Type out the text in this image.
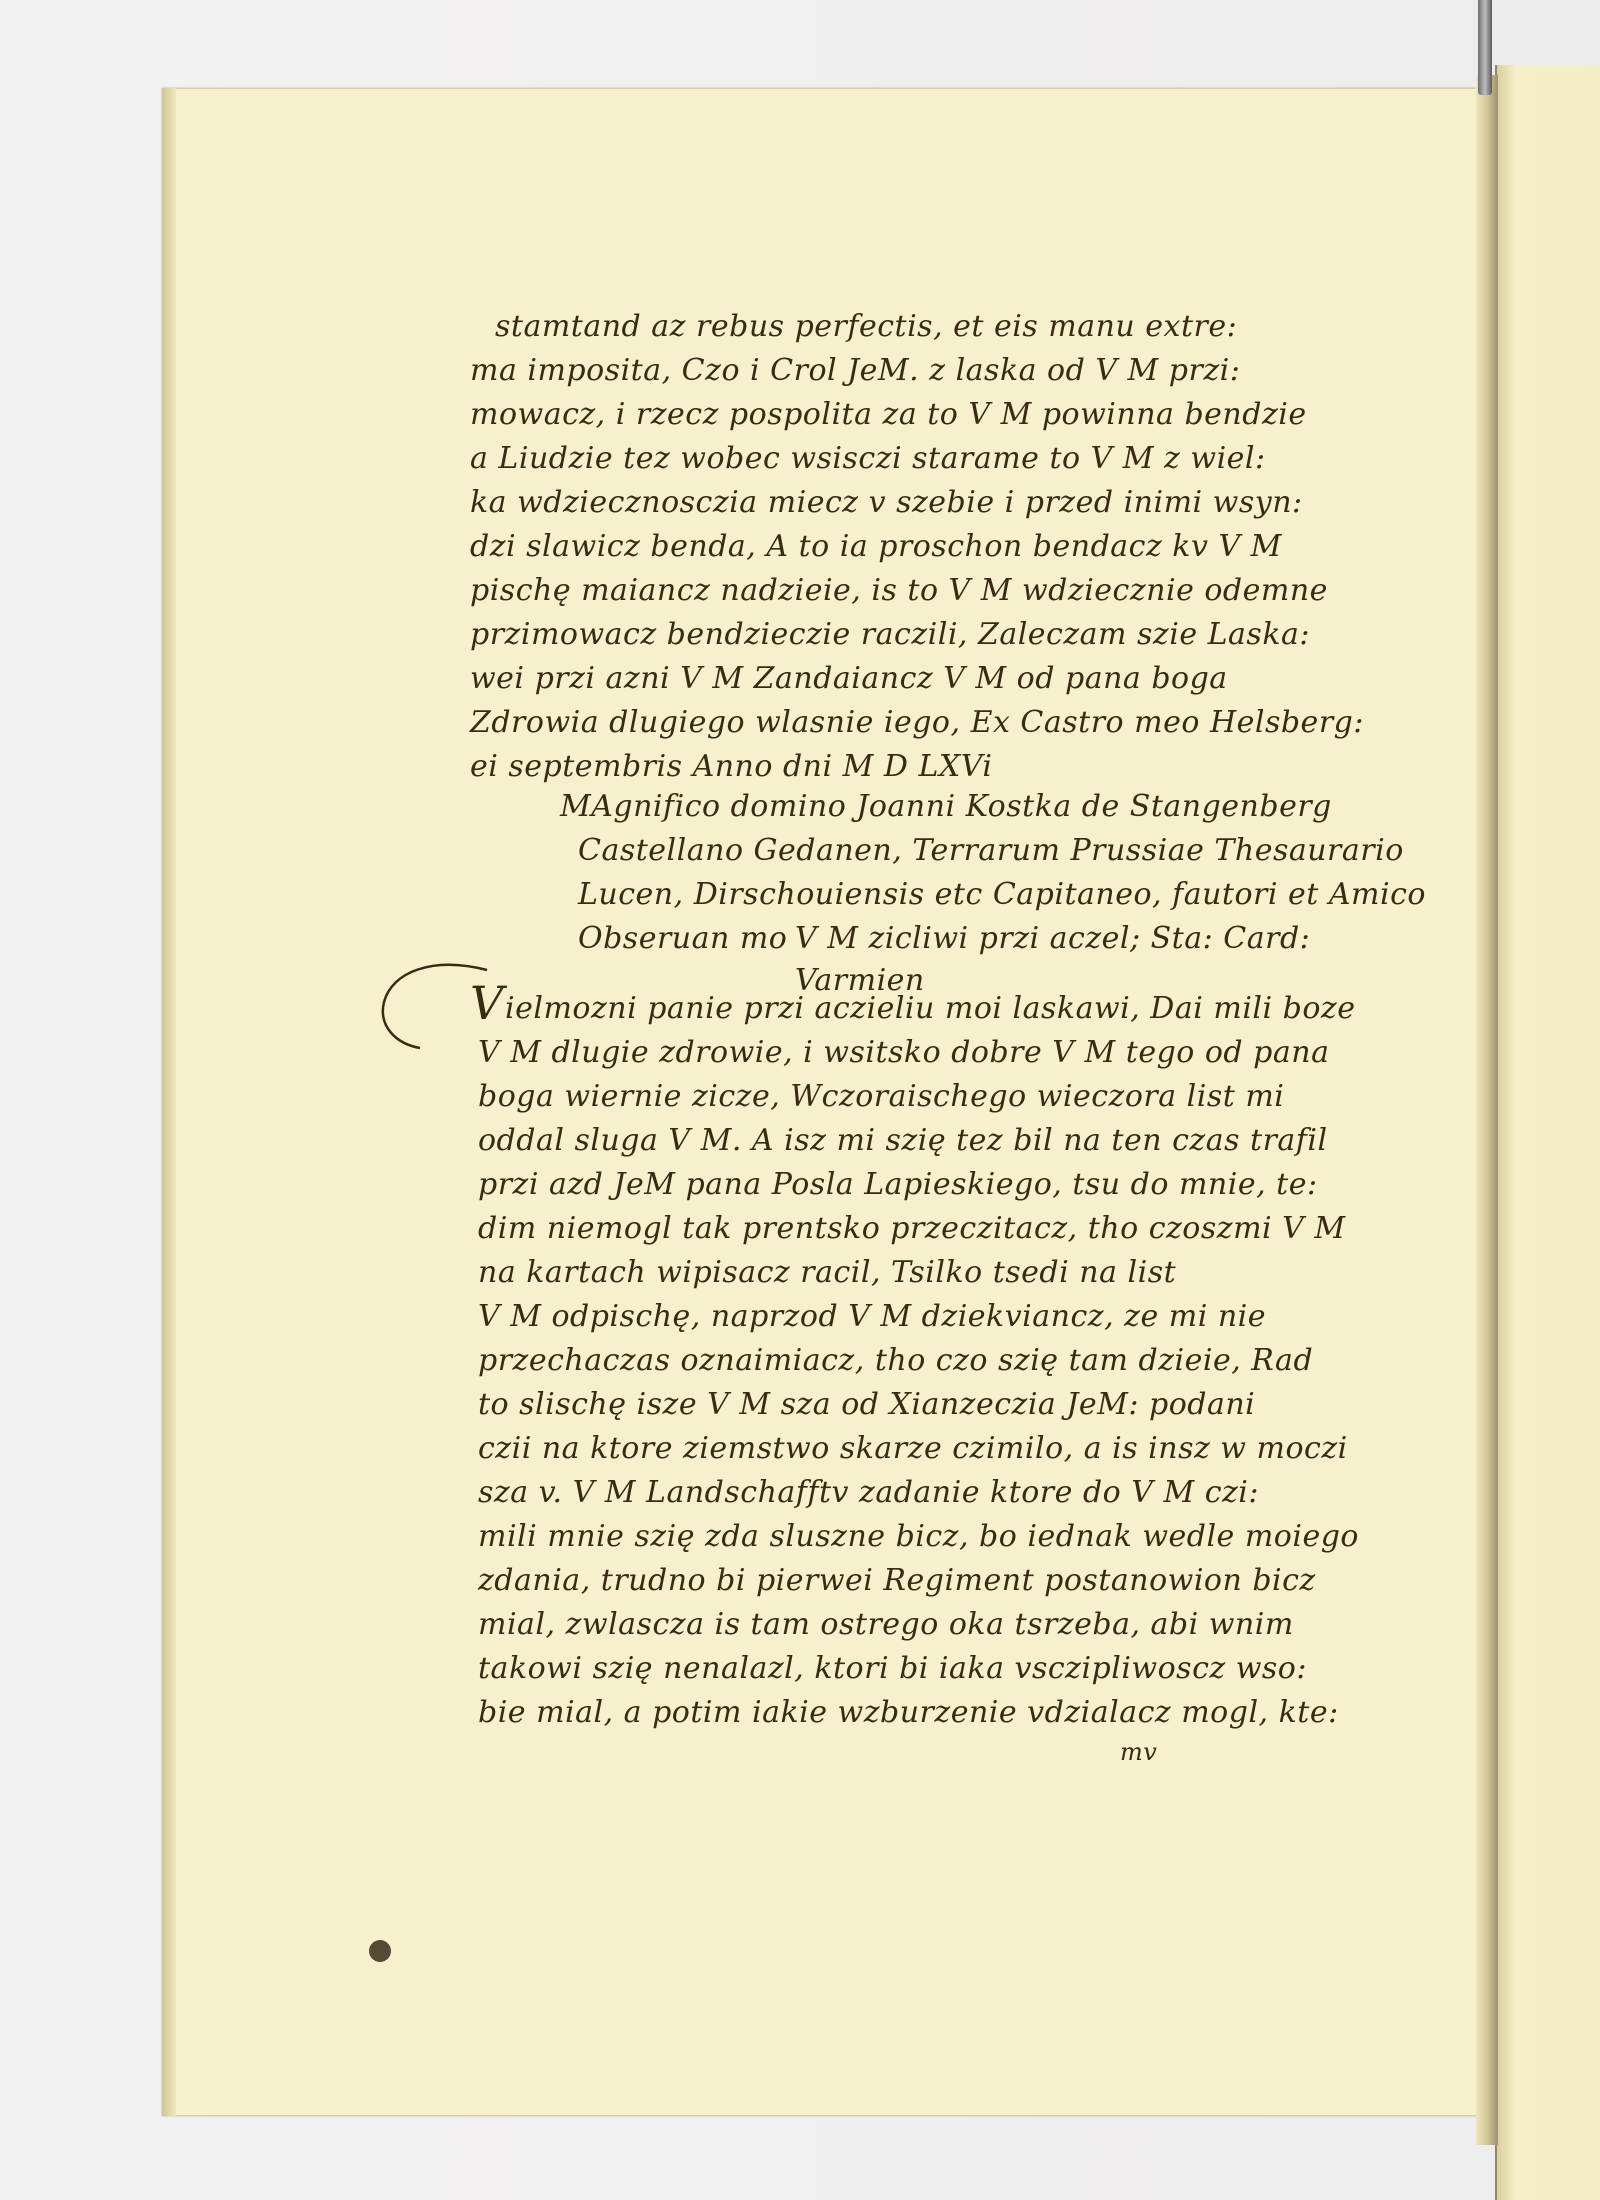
stamtand az rebus perfectis, et eis manu extre:
ma imposita, Czo i Crol JeM. z laska od V M przi:
mowacz, i rzecz pospolita za to V M powinna bendzie
a Liudzie tez wobec wsisczi starame to V M z wiel:
ka wdziecznosczia miecz v szebie i przed inimi wsyn:
dzi slawicz benda, A to ia proschon bendacz kv V M
pischę maiancz nadzieie, is to V M wdziecznie odemne
przimowacz bendzieczie raczili, Zaleczam szie Laska:
wei przi azni V M Zandaiancz V M od pana boga
Zdrowia dlugiego wlasnie iego, Ex Castro meo Helsberg:
ei septembris Anno dni M D LXVi
MAgnifico domino Joanni Kostka de Stangenberg
Castellano Gedanen, Terrarum Prussiae Thesaurario
Lucen, Dirschouiensis etc Capitaneo, fautori et Amico
Obseruan mo V M zicliwi przi aczel; Sta: Card:
Varmien
V ielmozni panie przi aczieliu moi laskawi, Dai mili boze
V M dlugie zdrowie, i wsitsko dobre V M tego od pana
boga wiernie zicze, Wczoraischego wieczora list mi
oddal sluga V M. A isz mi szię tez bil na ten czas trafil
przi azd JeM pana Posla Lapieskiego, tsu do mnie, te:
dim niemogl tak prentsko przeczitacz, tho czoszmi V M
na kartach wipisacz racil, Tsilko tsedi na list
V M odpischę, naprzod V M dziekviancz, ze mi nie
przechaczas oznaimiacz, tho czo szię tam dzieie, Rad
to slischę isze V M sza od Xianzeczia JeM: podani
czii na ktore ziemstwo skarze czimilo, a is insz w moczi
sza v. V M Landschafftv zadanie ktore do V M czi:
mili mnie szię zda sluszne bicz, bo iednak wedle moiego
zdania, trudno bi pierwei Regiment postanowion bicz
mial, zwlascza is tam ostrego oka tsrzeba, abi wnim
takowi szię nenalazl, ktori bi iaka vsczipliwoscz wso:
bie mial, a potim iakie wzburzenie vdzialacz mogl, kte:
mv
